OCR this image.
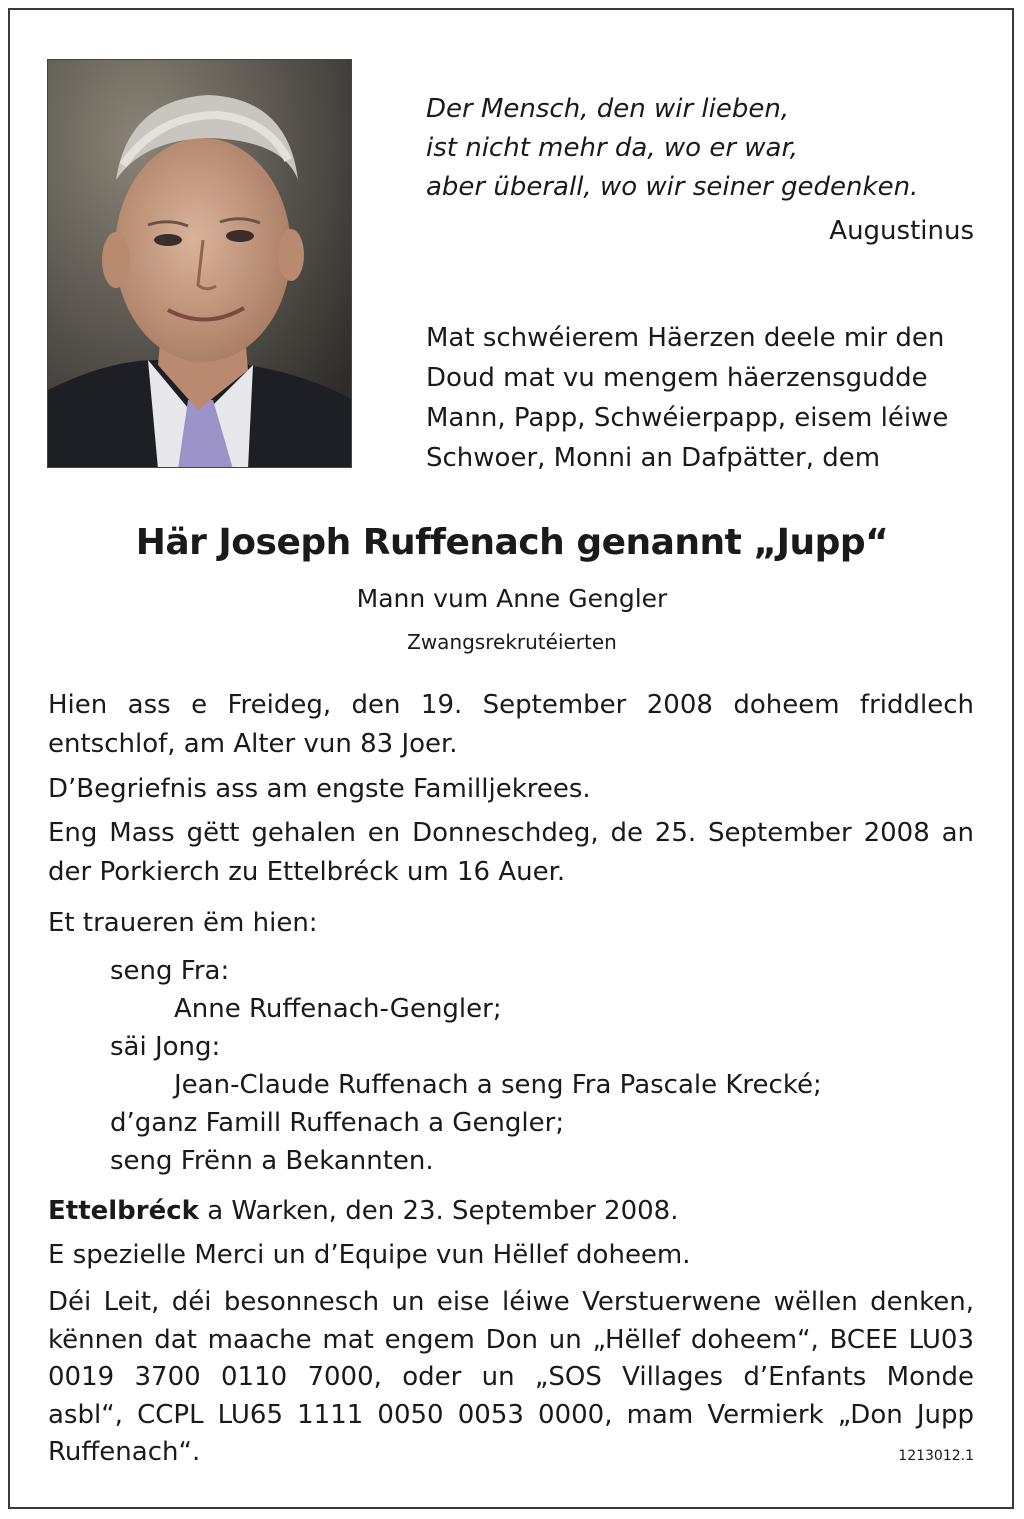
Der Mensch, den wir lieben,
ist nicht mehr da, wo er war,
aber überall, wo wir seiner gedenken.
Augustinus
Mat schwéierem Häerzen deele mir den
Doud mat vu mengem häerzensgudde
Mann, Papp, Schwéierpapp, eisem léiwe
Schwoer, Monni an Dafpätter, dem
Här Joseph Ruffenach genannt „Jupp“
Mann vum Anne Gengler
Zwangsrekrutéierten
Hien ass e Freideg, den 19. September 2008 doheem friddlech
entschlof, am Alter vun 83 Joer.
D’Begriefnis ass am engste Familljekrees.
Eng Mass gëtt gehalen en Donneschdeg, de 25. September 2008 an
der Porkierch zu Ettelbréck um 16 Auer.
Et traueren ëm hien:
seng Fra:
Anne Ruffenach-Gengler;
säi Jong:
Jean-Claude Ruffenach a seng Fra Pascale Krecké;
d’ganz Famill Ruffenach a Gengler;
seng Frënn a Bekannten.
Ettelbréck a Warken, den 23. September 2008.
E spezielle Merci un d’Equipe vun Hëllef doheem.
Déi Leit, déi besonnesch un eise léiwe Verstuerwene wëllen denken,
kënnen dat maache mat engem Don un „Hëllef doheem“, BCEE LU03
0019 3700 0110 7000, oder un „SOS Villages d’Enfants Monde
asbl“, CCPL LU65 1111 0050 0053 0000, mam Vermierk „Don Jupp
Ruffenach“.	1213012.1
